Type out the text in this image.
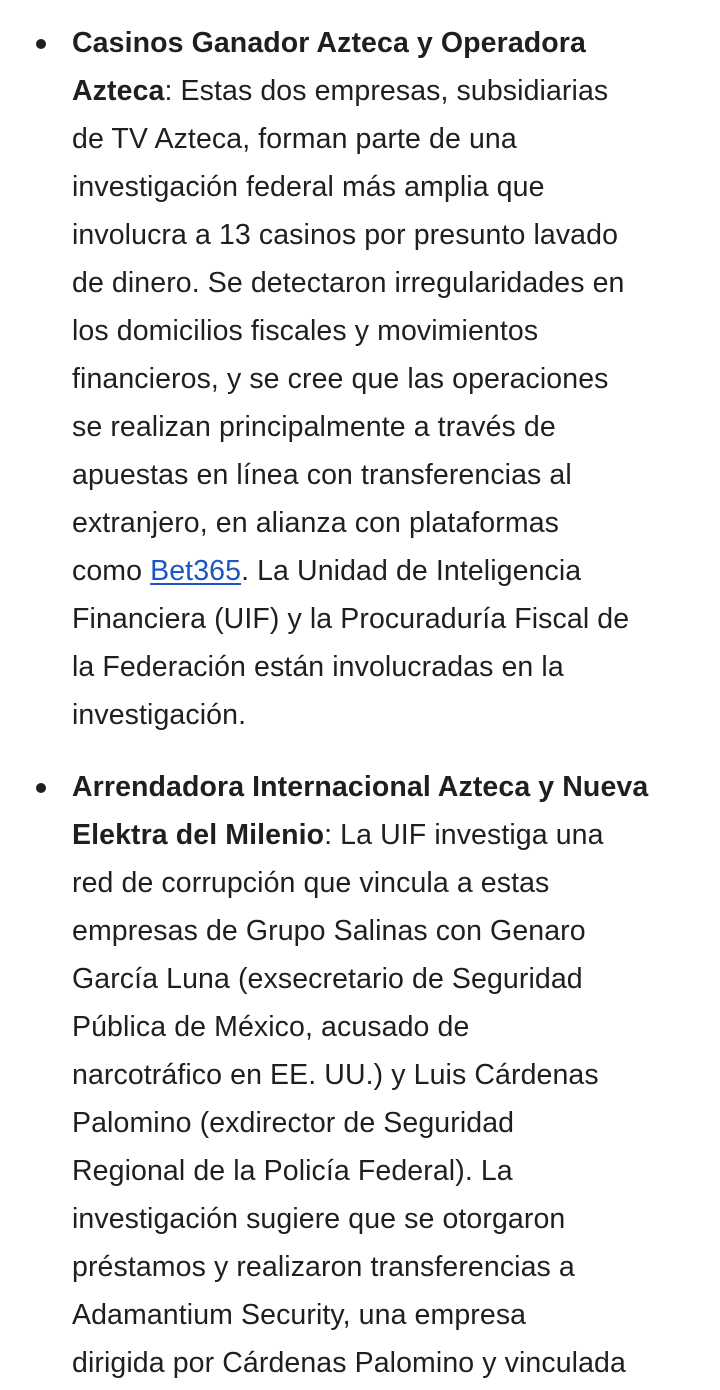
Casinos Ganador Azteca y Operadora
Azteca: Estas dos empresas, subsidiarias
de TV Azteca, forman parte de una
investigación federal más amplia que
involucra a 13 casinos por presunto lavado
de dinero. Se detectaron irregularidades en
los domicilios fiscales y movimientos
financieros, y se cree que las operaciones
se realizan principalmente a través de
apuestas en línea con transferencias al
extranjero, en alianza con plataformas
como Bet365. La Unidad de Inteligencia
Financiera (UIF) y la Procuraduría Fiscal de
la Federación están involucradas en la
investigación.
Arrendadora Internacional Azteca y Nueva
Elektra del Milenio: La UIF investiga una
red de corrupción que vincula a estas
empresas de Grupo Salinas con Genaro
García Luna (exsecretario de Seguridad
Pública de México, acusado de
narcotráfico en EE. UU.) y Luis Cárdenas
Palomino (exdirector de Seguridad
Regional de la Policía Federal). La
investigación sugiere que se otorgaron
préstamos y realizaron transferencias a
Adamantium Security, una empresa
dirigida por Cárdenas Palomino y vinculada
